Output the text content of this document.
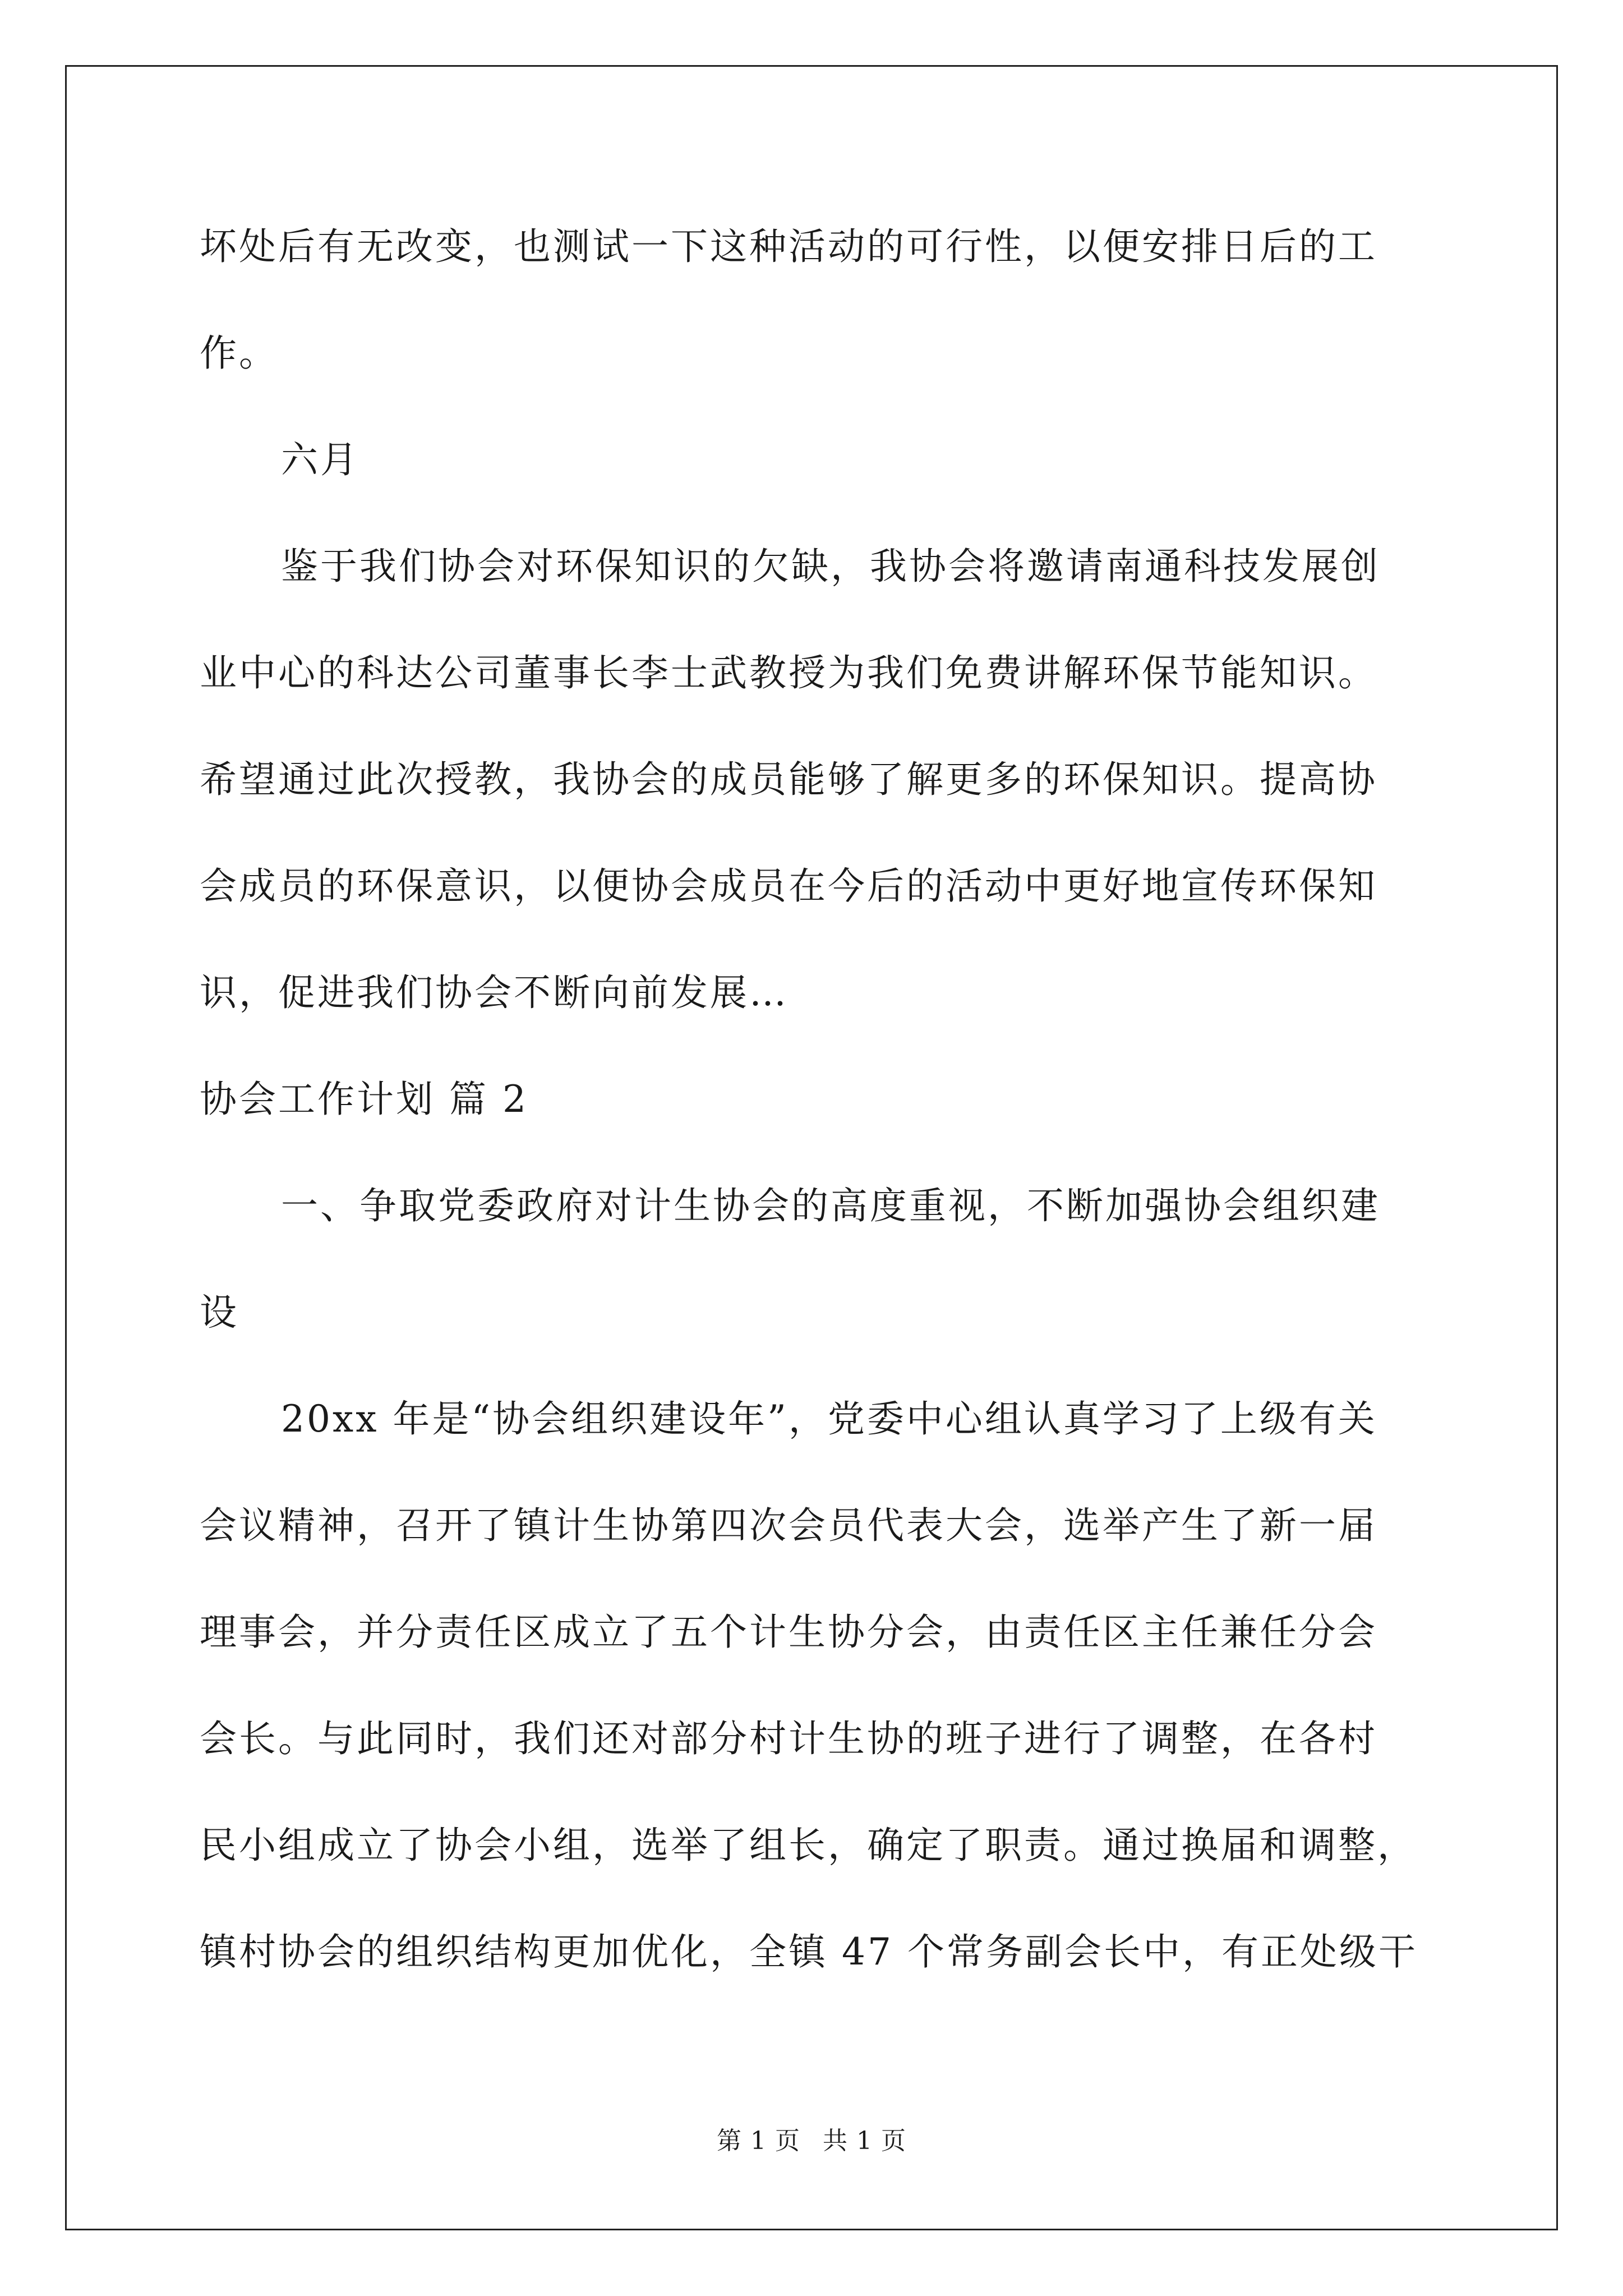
坏处后有无改变，也测试一下这种活动的可行性，以便安排日后的工
作。
六月
鉴于我们协会对环保知识的欠缺，我协会将邀请南通科技发展创
业中心的科达公司董事长李士武教授为我们免费讲解环保节能知识。
希望通过此次授教，我协会的成员能够了解更多的环保知识。提高协
会成员的环保意识，以便协会成员在今后的活动中更好地宣传环保知
识，促进我们协会不断向前发展…
协会工作计划 篇 2
一、争取党委政府对计生协会的高度重视，不断加强协会组织建
设
20xx 年是“协会组织建设年”，党委中心组认真学习了上级有关
会议精神，召开了镇计生协第四次会员代表大会，选举产生了新一届
理事会，并分责任区成立了五个计生协分会，由责任区主任兼任分会
会长。与此同时，我们还对部分村计生协的班子进行了调整，在各村
民小组成立了协会小组，选举了组长，确定了职责。通过换届和调整，
镇村协会的组织结构更加优化，全镇 47 个常务副会长中，有正处级干
第 1 页 共 1 页
